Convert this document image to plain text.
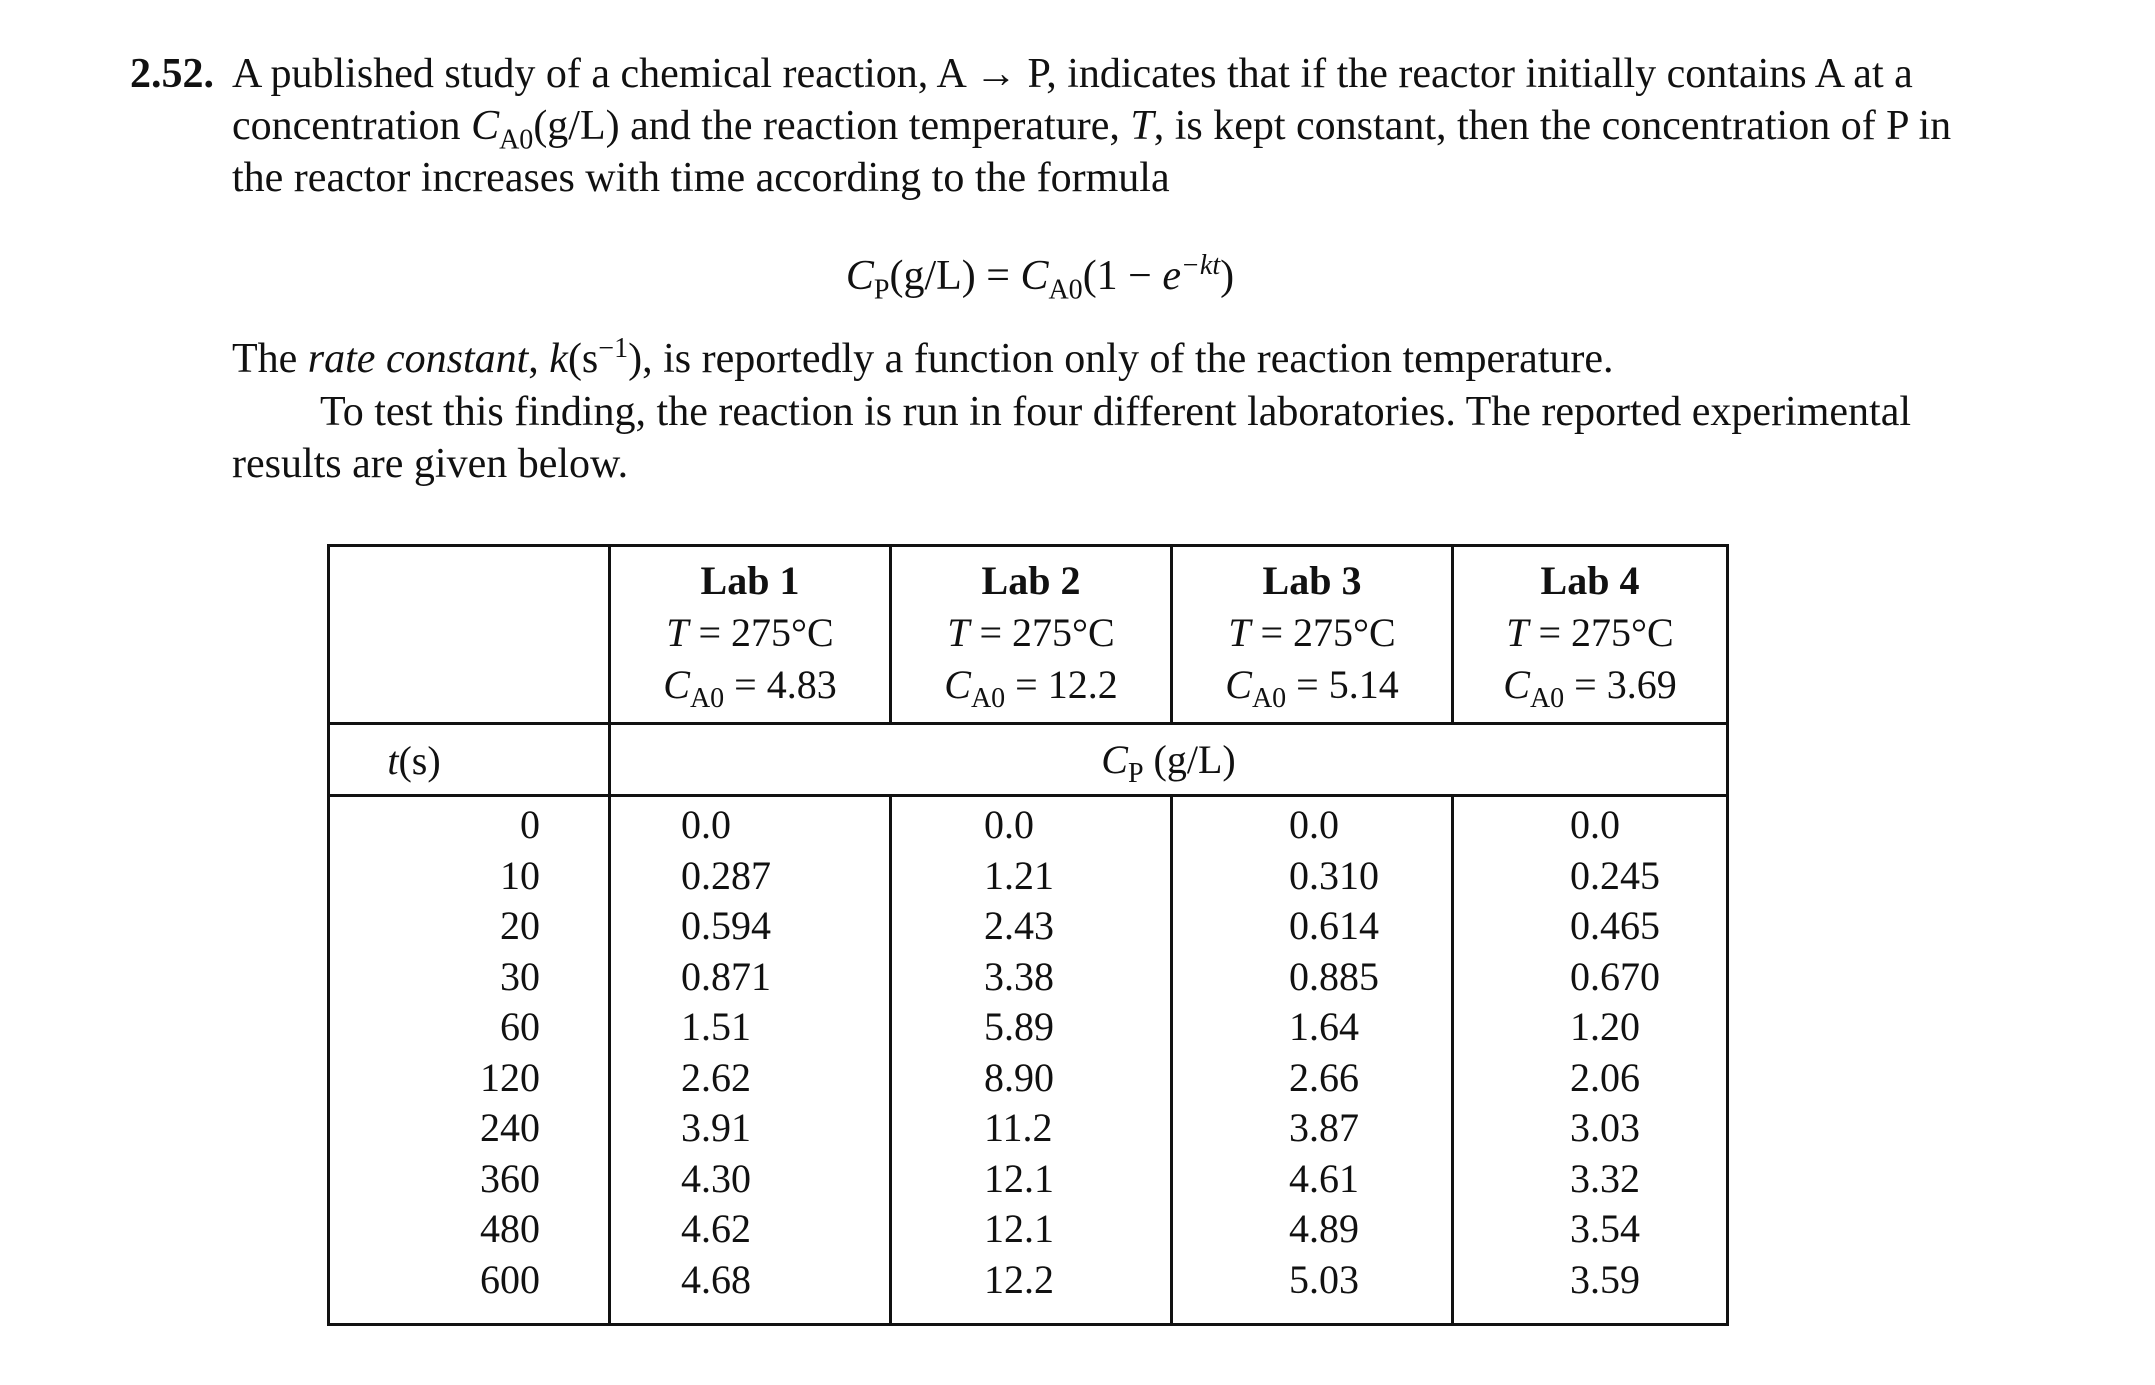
2.52. A published study of a chemical reaction, A → P, indicates that if the reactor initially contains A at a
concentration $C_{A0}(g/L)$ and the reaction temperature, T, is kept constant, then the concentration of P in
the reactor increases with time according to the formula
$C_P(g/L) = C_{A0}(1 - e^{-kt})$
The rate constant, $k(s^{-1})$, is reportedly a function only of the reaction temperature.
To test this finding, the reaction is run in four different laboratories. The reported experimental
results are given below.
Lab 1
T = 275°C
$C_{A0} = 4.83$
Lab 2
T = 275°C
$C_{A0} = 12.2$
Lab 3
T = 275°C
$C_{A0} = 5.14$
Lab 4
T = 275°C
$C_{A0} = 3.69$
t(s)	$C_P$ (g/L)
0
10
20
30
60
120
240
360
480
600
0.0
0.287
0.594
0.871
1.51
2.62
3.91
4.30
4.62
4.68
0.0
1.21
2.43
3.38
5.89
8.90
11.2
12.1
12.1
12.2
0.0
0.310
0.614
0.885
1.64
2.66
3.87
4.61
4.89
5.03
0.0
0.245
0.465
0.670
1.20
2.06
3.03
3.32
3.54
3.59
